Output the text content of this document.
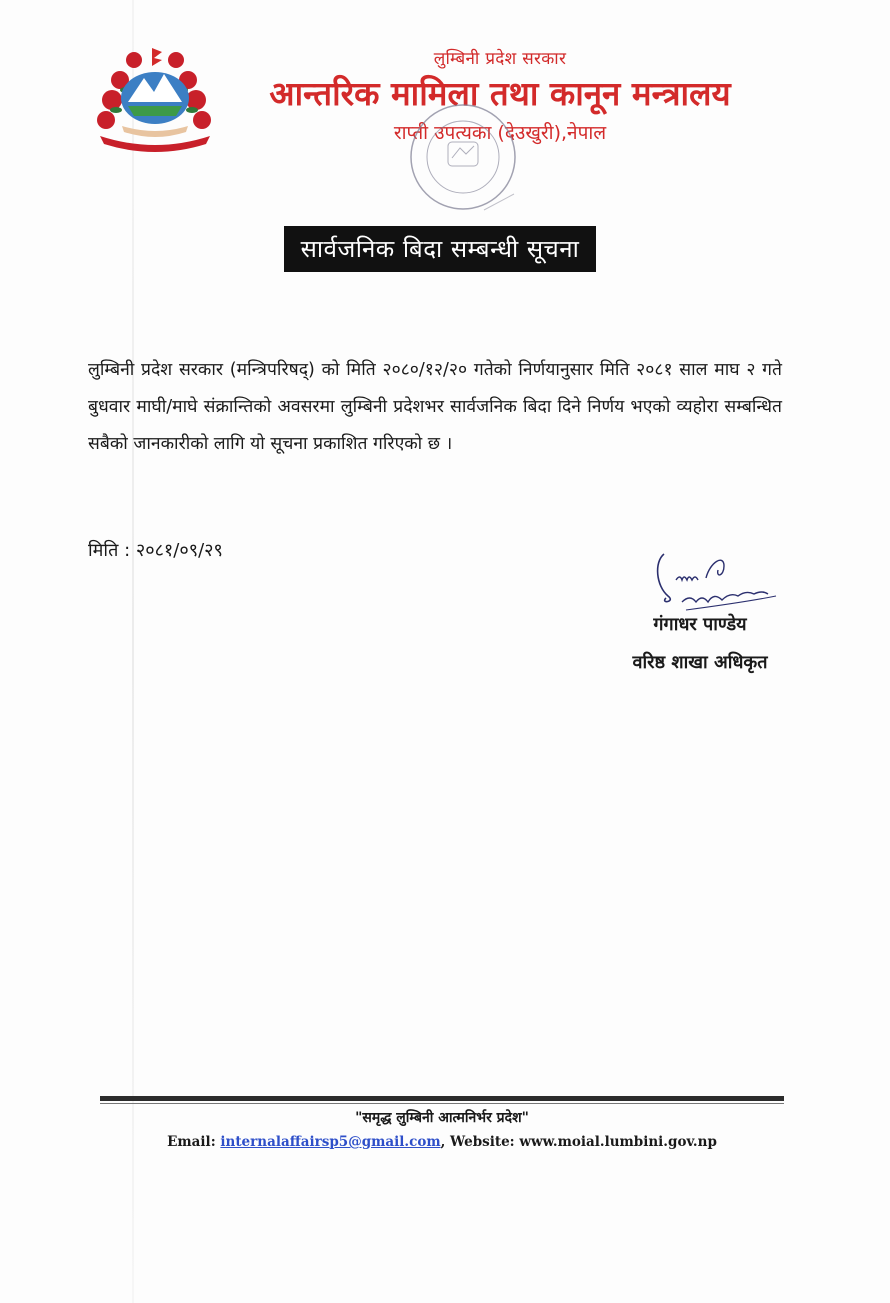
लुम्बिनी प्रदेश सरकार

आन्तरिक मामिला तथा कानून मन्त्रालय

राप्ती उपत्यका (देउखुरी),नेपाल

सार्वजनिक बिदा सम्बन्धी सूचना

लुम्बिनी प्रदेश सरकार (मन्त्रिपरिषद्) को मिति २०८०/१२/२० गतेको निर्णयानुसार मिति २०८१ साल माघ २ गते बुधवार माघी/माघे संक्रान्तिको अवसरमा लुम्बिनी प्रदेशभर सार्वजनिक बिदा दिने निर्णय भएको व्यहोरा सम्बन्धित सबैको जानकारीको लागि यो सूचना प्रकाशित गरिएको छ ।

मिति : २०८१/०९/२९

गंगाधर पाण्डेय

वरिष्ठ शाखा अधिकृत

"समृद्ध लुम्बिनी आत्मनिर्भर प्रदेश"

Email: internalaffairsp5@gmail.com, Website: www.moial.lumbini.gov.np
